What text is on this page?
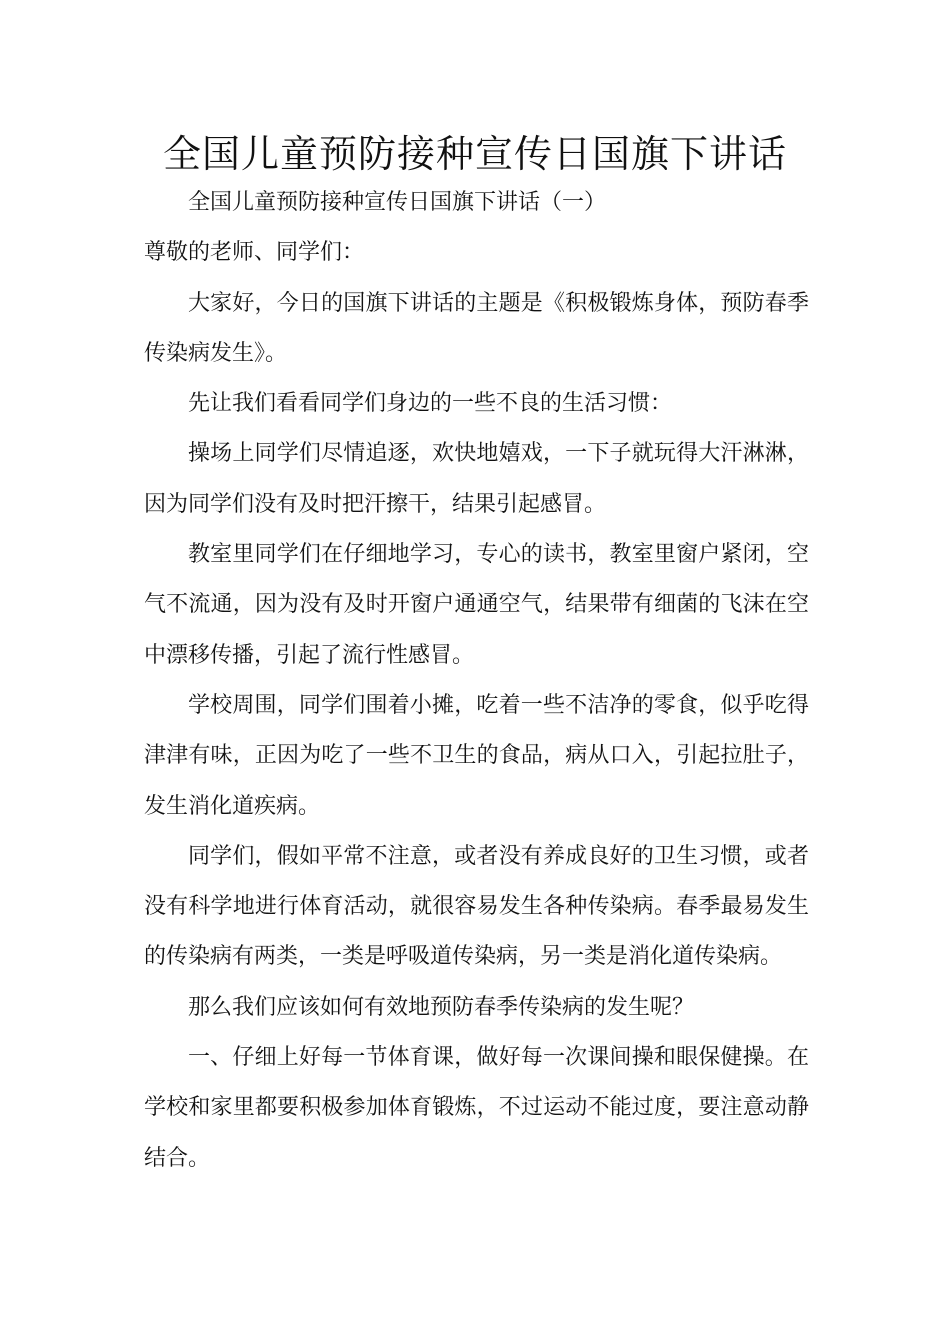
全国儿童预防接种宣传日国旗下讲话

全国儿童预防接种宣传日国旗下讲话（一）

尊敬的老师、同学们：

大家好，今日的国旗下讲话的主题是《积极锻炼身体，预防春季传染病发生》。

先让我们看看同学们身边的一些不良的生活习惯：

操场上同学们尽情追逐，欢快地嬉戏，一下子就玩得大汗淋淋，因为同学们没有及时把汗擦干，结果引起感冒。

教室里同学们在仔细地学习，专心的读书，教室里窗户紧闭，空气不流通，因为没有及时开窗户通通空气，结果带有细菌的飞沫在空中漂移传播，引起了流行性感冒。

学校周围，同学们围着小摊，吃着一些不洁净的零食，似乎吃得津津有味，正因为吃了一些不卫生的食品，病从口入，引起拉肚子，发生消化道疾病。

同学们，假如平常不注意，或者没有养成良好的卫生习惯，或者没有科学地进行体育活动，就很容易发生各种传染病。春季最易发生的传染病有两类，一类是呼吸道传染病，另一类是消化道传染病。

那么我们应该如何有效地预防春季传染病的发生呢？

一、仔细上好每一节体育课，做好每一次课间操和眼保健操。在学校和家里都要积极参加体育锻炼，不过运动不能过度，要注意动静结合。
